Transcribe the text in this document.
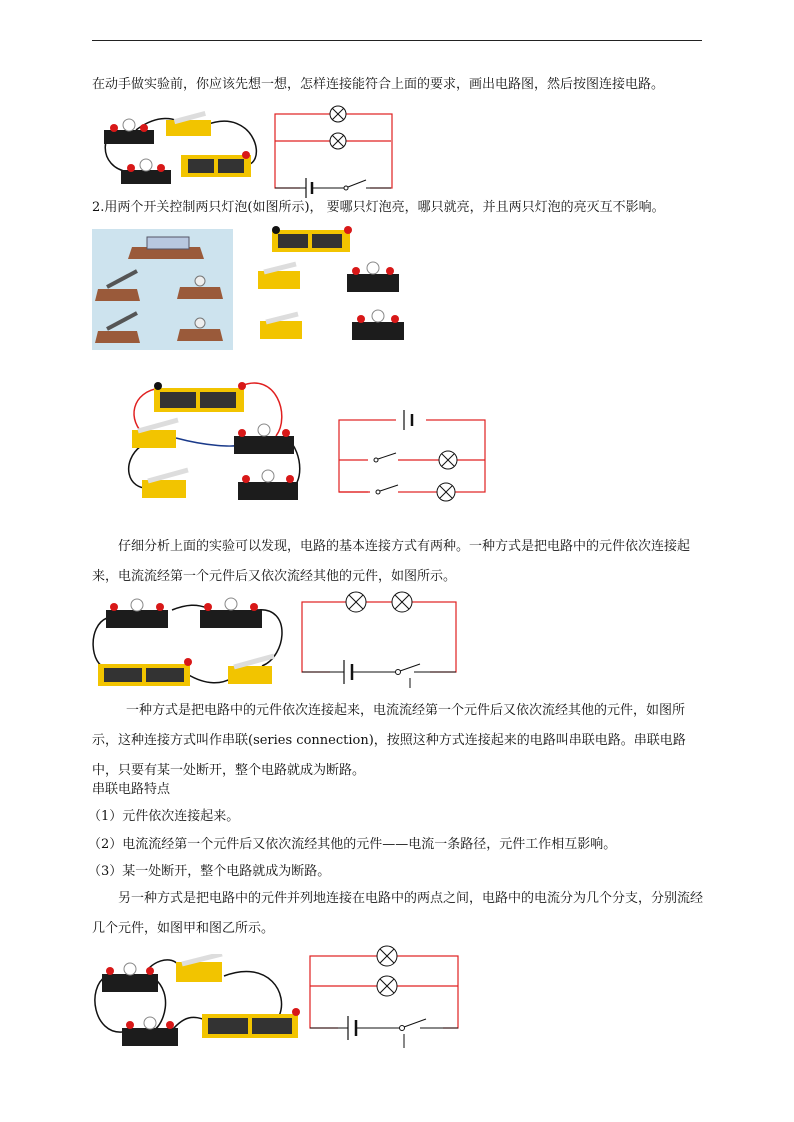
在动手做实验前，你应该先想一想，怎样连接能符合上面的要求，画出电路图，然后按图连接电路。
2.用两个开关控制两只灯泡(如图所示)， 要哪只灯泡亮，哪只就亮，并且两只灯泡的亮灭互不影响。
仔细分析上面的实验可以发现，电路的基本连接方式有两种。一种方式是把电路中的元件依次连接起来，电流流经第一个元件后又依次流经其他的元件，如图所示。
一种方式是把电路中的元件依次连接起来，电流流经第一个元件后又依次流经其他的元件，如图所示，这种连接方式叫作串联(series connection)，按照这种方式连接起来的电路叫串联电路。串联电路中，只要有某一处断开，整个电路就成为断路。
串联电路特点
（1）元件依次连接起来。
（2）电流流经第一个元件后又依次流经其他的元件——电流一条路径，元件工作相互影响。
（3）某一处断开，整个电路就成为断路。
另一种方式是把电路中的元件并列地连接在电路中的两点之间，电路中的电流分为几个分支，分别流经几个元件，如图甲和图乙所示。
